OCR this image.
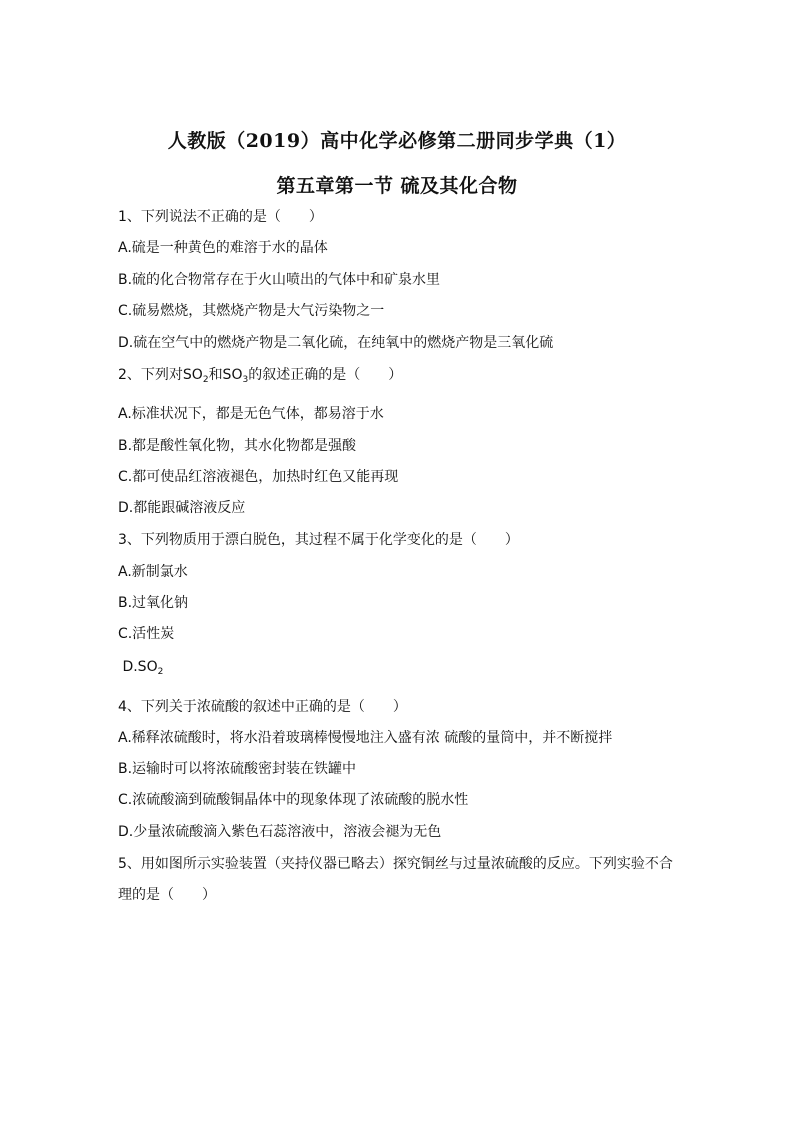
人教版（2019）高中化学必修第二册同步学典（1）
第五章第一节 硫及其化合物
1、下列说法不正确的是（　　）
A.硫是一种黄色的难溶于水的晶体
B.硫的化合物常存在于火山喷出的气体中和矿泉水里
C.硫易燃烧，其燃烧产物是大气污染物之一
D.硫在空气中的燃烧产物是二氧化硫，在纯氧中的燃烧产物是三氧化硫
2、下列对$SO_2$和$SO_3$的叙述正确的是（　　）
A.标准状况下，都是无色气体，都易溶于水
B.都是酸性氧化物，其水化物都是强酸
C.都可使品红溶液褪色，加热时红色又能再现
D.都能跟碱溶液反应
3、下列物质用于漂白脱色，其过程不属于化学变化的是（　　）
A.新制氯水
B.过氧化钠
C.活性炭
$D.SO_2$
4、下列关于浓硫酸的叙述中正确的是（　　）
A.稀释浓硫酸时，将水沿着玻璃棒慢慢地注入盛有浓 硫酸的量筒中，并不断搅拌
B.运输时可以将浓硫酸密封装在铁罐中
C.浓硫酸滴到硫酸铜晶体中的现象体现了浓硫酸的脱水性
D.少量浓硫酸滴入紫色石蕊溶液中，溶液会褪为无色
5、用如图所示实验装置（夹持仪器已略去）探究铜丝与过量浓硫酸的反应。下列实验不合
理的是（　　）
